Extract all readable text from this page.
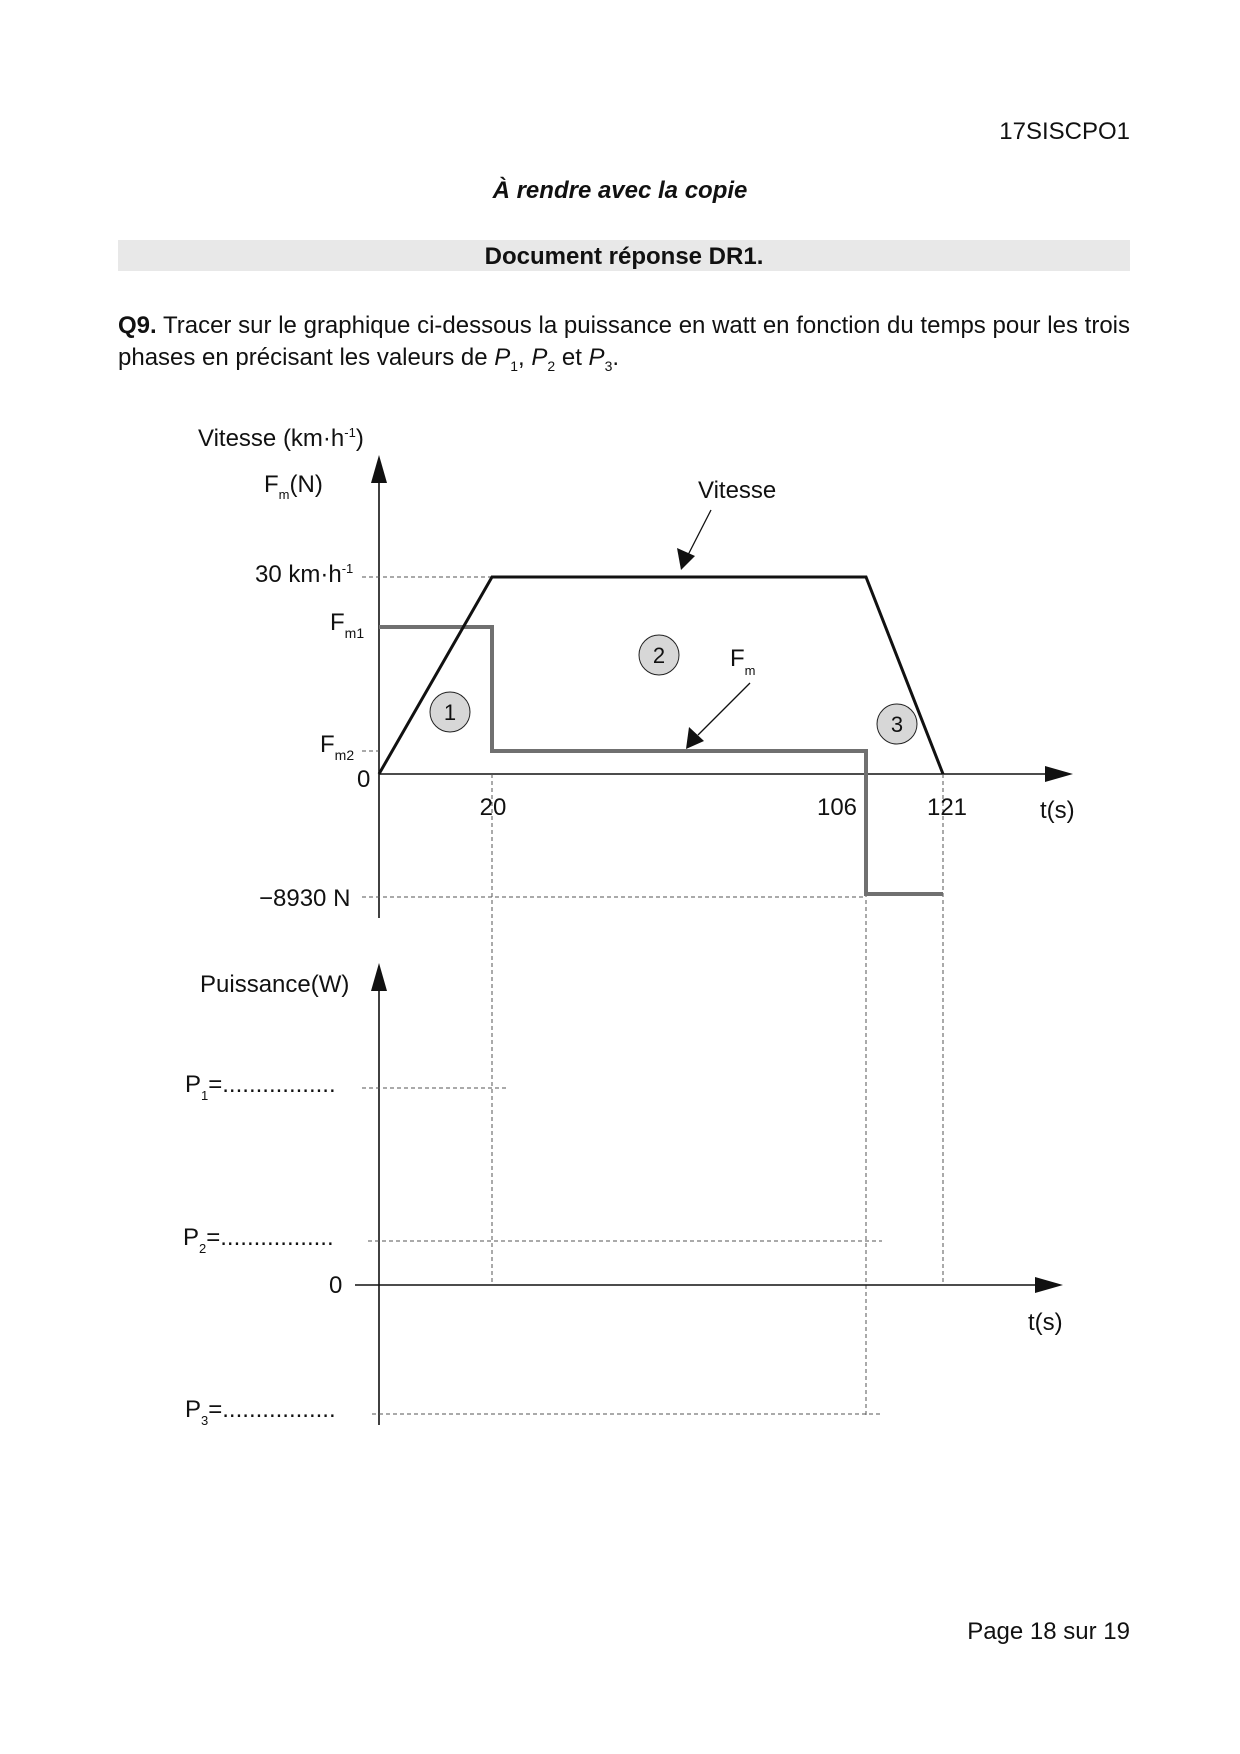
17SISCPO1
À rendre avec la copie
Document réponse DR1.
Q9. Tracer sur le graphique ci-dessous la puissance en watt en fonction du temps pour les trois phases en précisant les valeurs de $P_1$, $P_2$ et $P_3$.
1
2
3
Vitesse $(km\cdot h^{-1})$
$F_m(N)$	Vitesse
$F_m$
30 $km\cdot h^{-1}$
$F_{m1}$
$F_{m2}$
0
−8930 N
20	106	121	t(s)
Puissance(W)
$P_1=$.................
$P_2=$.................
0
$P_3=$.................
t(s)
Page 18 sur 19
